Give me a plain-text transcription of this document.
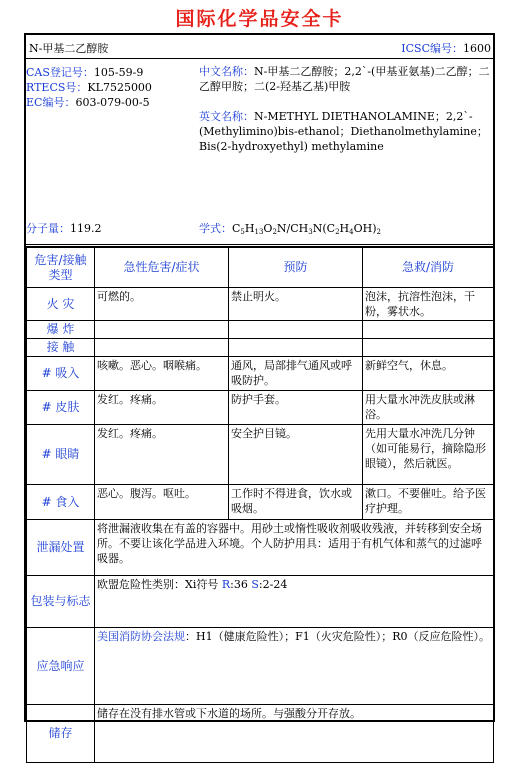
国际化学品安全卡
N-甲基二乙醇胺	ICSC编号：1600
CAS登记号：105-59-9
RTECS号：KL7525000
EC编号：603-079-00-5
中文名称：N-甲基二乙醇胺；2,2`-(甲基亚氨基)二乙醇；二乙醇甲胺；二(2-羟基乙基)甲胺
英文名称：N-METHYL DIETHANOLAMINE；2,2`-(Methylimino)bis-ethanol；Diethanolmethylamine；Bis(2-hydroxyethyl) methylamine
分子量：119.2	学式：$C_5H_{13}O_2N/CH_3N(C_2H_4OH)_2$
危害/接触类型	急性危害/症状	预防	急救/消防
火 灾	可燃的。	禁止明火。	泡沫，抗溶性泡沫，干粉，雾状水。
爆 炸			
接 触			
# 吸入	咳嗽。恶心。咽喉痛。	通风，局部排气通风或呼吸防护。	新鲜空气，休息。
# 皮肤	发红。疼痛。	防护手套。	用大量水冲洗皮肤或淋浴。
# 眼睛	发红。疼痛。	安全护目镜。	先用大量水冲洗几分钟（如可能易行，摘除隐形眼镜），然后就医。
# 食入	恶心。腹泻。呕吐。	工作时不得进食，饮水或吸烟。	漱口。不要催吐。给予医疗护理。
泄漏处置	将泄漏液收集在有盖的容器中。用砂土或惰性吸收剂吸收残液，并转移到安全场所。不要让该化学品进入环境。个人防护用具：适用于有机气体和蒸气的过滤呼吸器。		
包装与标志	欧盟危险性类别：Xi符号 R:36 S:2-24		
应急响应	美国消防协会法规：H1（健康危险性）；F1（火灾危险性）；R0（反应危险性）。		
储存	储存在没有排水管或下水道的场所。与强酸分开存放。		
